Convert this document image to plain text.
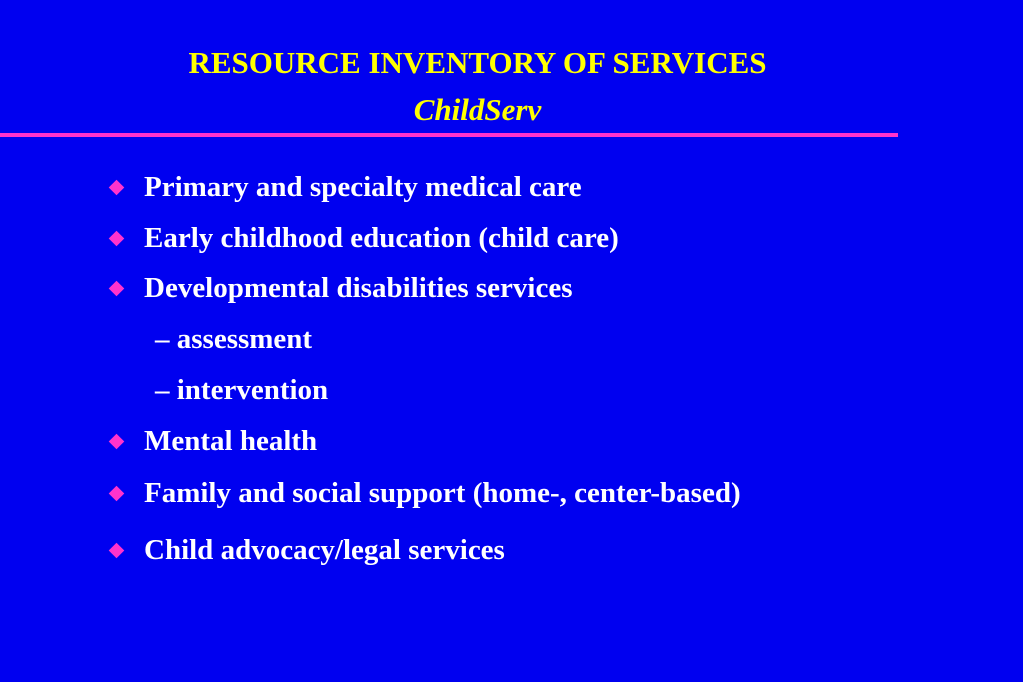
RESOURCE INVENTORY OF SERVICES
ChildServ
Primary and specialty medical care
Early childhood education (child care)
Developmental disabilities services
– assessment
– intervention
Mental health
Family and social support (home-, center-based)
Child advocacy/legal services
